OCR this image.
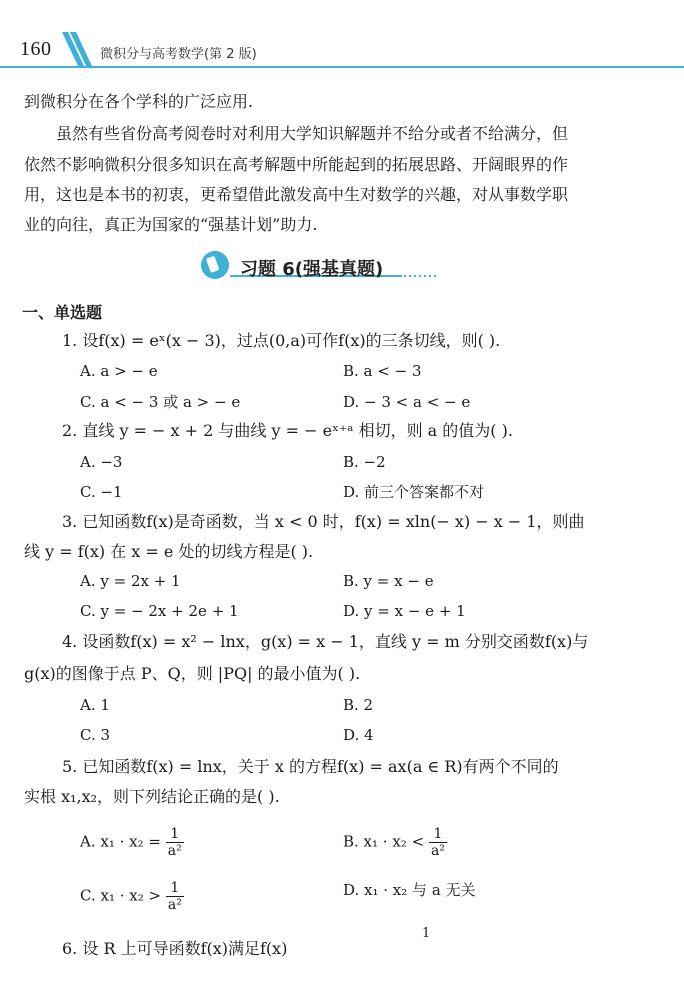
160	微积分与高考数学(第 2 版)
到微积分在各个学科的广泛应用.
虽然有些省份高考阅卷时对利用大学知识解题并不给分或者不给满分，但
依然不影响微积分很多知识在高考解题中所能起到的拓展思路、开阔眼界的作
用，这也是本书的初衷，更希望借此激发高中生对数学的兴趣，对从事数学职
业的向往，真正为国家的“强基计划”助力.
习题 6(强基真题)
一、单选题
1. 设f(x) = eˣ(x − 3)，过点(0,a)可作f(x)的三条切线，则( ).
A. a > − e	B. a < − 3
C. a < − 3 或 a > − e	D. − 3 < a < − e
2. 直线 y = − x + 2 与曲线 y = − eˣ⁺ᵃ 相切，则 a 的值为( ).
A. −3	B. −2
C. −1	D. 前三个答案都不对
3. 已知函数f(x)是奇函数，当 x < 0 时，f(x) = xln(− x) − x − 1，则曲
线 y = f(x) 在 x = e 处的切线方程是( ).
A. y = 2x + 1	B. y = x − e
C. y = − 2x + 2e + 1	D. y = x − e + 1
4. 设函数f(x) = x² − lnx，g(x) = x − 1，直线 y = m 分别交函数f(x)与
g(x)的图像于点 P、Q，则 |PQ| 的最小值为( ).
A. 1	B. 2
C. 3	D. 4
5. 已知函数f(x) = lnx，关于 x 的方程f(x) = ax(a ∈ R)有两个不同的
实根 x₁,x₂，则下列结论正确的是( ).
A. $x_1 \cdot x_2 = \frac{1}{\text{a²}}$	B. $x_1 \cdot x_2 < \frac{1}{\text{a²}}$
C. $x_1 \cdot x_2 > \frac{1}{\text{a²}}$	D. x₁ · x₂ 与 a 无关
6. 设 R 上可导函数f(x)满足f(x)
1
